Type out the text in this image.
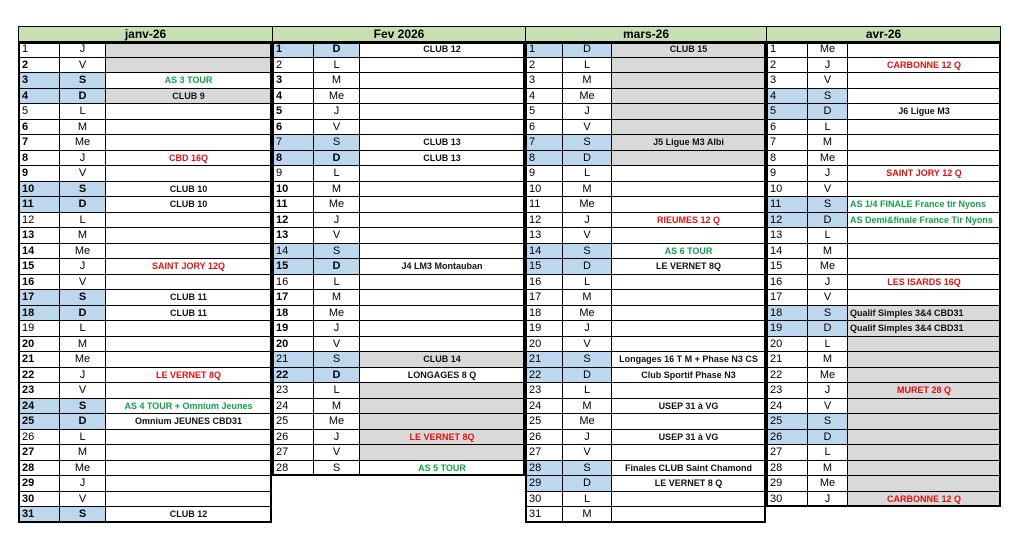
janv-26
1	J
2	V
3	S	AS 3 TOUR
4	D	CLUB 9
5	L
6	M
7	Me
8	J	CBD 16Q
9	V
10	S	CLUB 10
11	D	CLUB 10
12	L
13	M
14	Me
15	J	SAINT JORY 12Q
16	V
17	S	CLUB 11
18	D	CLUB 11
19	L
20	M
21	Me
22	J	LE VERNET 8Q
23	V
24	S	AS 4 TOUR + Omnium Jeunes
25	D	Omnium JEUNES CBD31
26	L
27	M
28	Me
29	J
30	V
31	S	CLUB 12
Fev 2026
1	D	CLUB 12
2	L
3	M
4	Me
5	J
6	V
7	S	CLUB 13
8	D	CLUB 13
9	L
10	M
11	Me
12	J
13	V
14	S
15	D	J4 LM3 Montauban
16	L
17	M
18	Me
19	J
20	V
21	S	CLUB 14
22	D	LONGAGES 8 Q
23	L
24	M
25	Me
26	J	LE VERNET 8Q
27	V
28	S	AS 5 TOUR
mars-26
1	D	CLUB 15
2	L
3	M
4	Me
5	J
6	V
7	S	J5 Ligue M3 Albi
8	D
9	L
10	M
11	Me
12	J	RIEUMES 12 Q
13	V
14	S	AS 6 TOUR
15	D	LE VERNET 8Q
16	L
17	M
18	Me
19	J
20	V
21	S	Longages 16 T M + Phase N3 CS
22	D	Club Sportif Phase N3
23	L
24	M	USEP 31 à VG
25	Me
26	J	USEP 31 à VG
27	V
28	S	Finales CLUB Saint Chamond
29	D	LE VERNET 8 Q
30	L
31	M
avr-26
1	Me
2	J	CARBONNE 12 Q
3	V
4	S
5	D	J6 Ligue M3
6	L
7	M
8	Me
9	J	SAINT JORY 12 Q
10	V
11	S	AS 1/4 FINALE France tir Nyons
12	D	AS Demi&finale France Tir Nyons
13	L
14	M
15	Me
16	J	LES ISARDS 16Q
17	V
18	S	Qualif Simples 3&4 CBD31
19	D	Qualif Simples 3&4 CBD31
20	L
21	M
22	Me
23	J	MURET 28 Q
24	V
25	S
26	D
27	L
28	M
29	Me
30	J	CARBONNE 12 Q
